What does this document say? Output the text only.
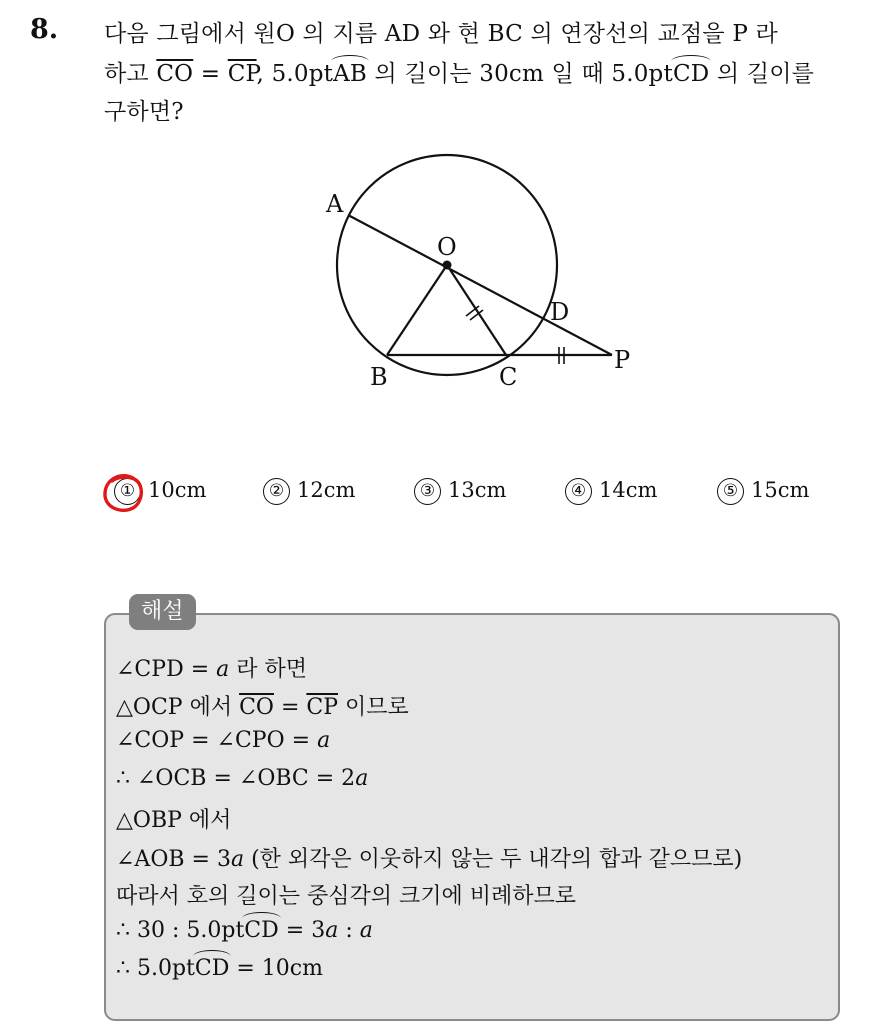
8. 다음 그림에서 원O 의 지름 AD 와 현 BC 의 연장선의 교점을 P 라
하고 $\overline{CO} = \overline{CP}$, 5.0ptAB 의 길이는 30cm 일 때 5.0ptCD 의 길이를
구하면?
A
O
D
B	C
P
① 10cm	② 12cm	③ 13cm	④ 14cm	⑤ 15cm
해설
∠CPD = a 라 하면
△OCP 에서 $\overline{CO} = \overline{CP}$ 이므로
∠COP = ∠CPO = a
∴ ∠OCB = ∠OBC = 2a
△OBP 에서
∠AOB = 3a (한 외각은 이웃하지 않는 두 내각의 합과 같으므로)
따라서 호의 길이는 중심각의 크기에 비례하므로
∴ 30 : 5.0ptCD = 3a : a
∴ 5.0ptCD = 10cm
